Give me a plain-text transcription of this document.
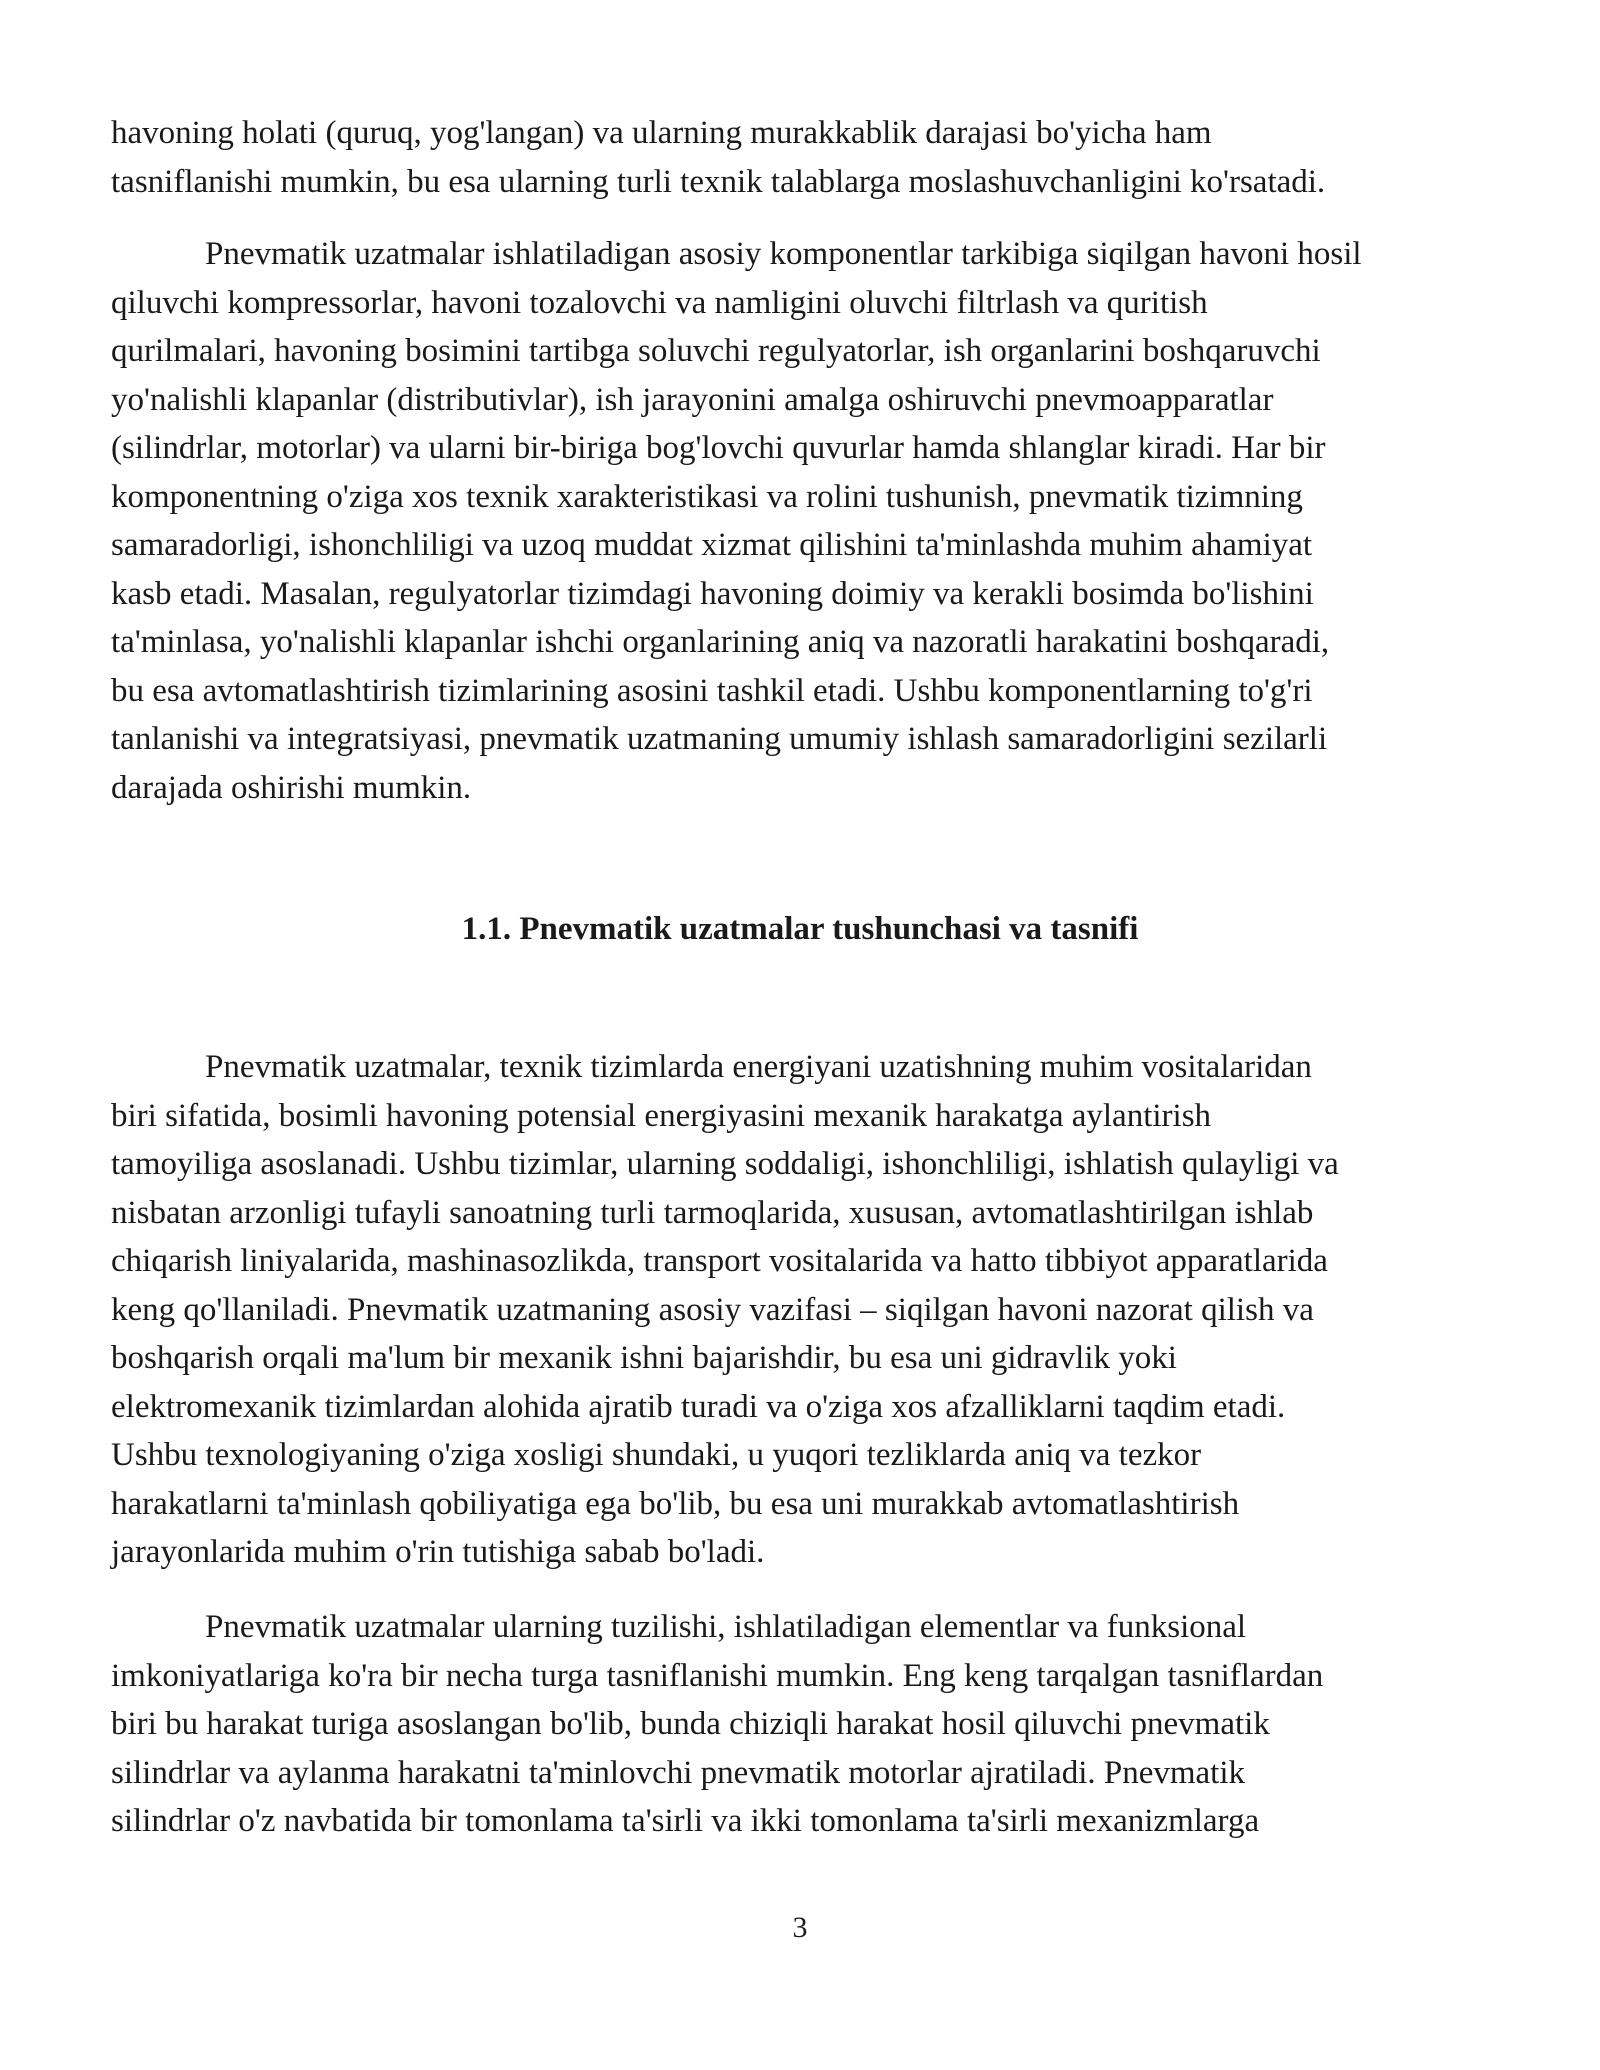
havoning holati (quruq, yog'langan) va ularning murakkablik darajasi bo'yicha ham
tasniflanishi mumkin, bu esa ularning turli texnik talablarga moslashuvchanligini ko'rsatadi.
Pnevmatik uzatmalar ishlatiladigan asosiy komponentlar tarkibiga siqilgan havoni hosil
qiluvchi kompressorlar, havoni tozalovchi va namligini oluvchi filtrlash va quritish
qurilmalari, havoning bosimini tartibga soluvchi regulyatorlar, ish organlarini boshqaruvchi
yo'nalishli klapanlar (distributivlar), ish jarayonini amalga oshiruvchi pnevmoapparatlar
(silindrlar, motorlar) va ularni bir-biriga bog'lovchi quvurlar hamda shlanglar kiradi. Har bir
komponentning o'ziga xos texnik xarakteristikasi va rolini tushunish, pnevmatik tizimning
samaradorligi, ishonchliligi va uzoq muddat xizmat qilishini ta'minlashda muhim ahamiyat
kasb etadi. Masalan, regulyatorlar tizimdagi havoning doimiy va kerakli bosimda bo'lishini
ta'minlasa, yo'nalishli klapanlar ishchi organlarining aniq va nazoratli harakatini boshqaradi,
bu esa avtomatlashtirish tizimlarining asosini tashkil etadi. Ushbu komponentlarning to'g'ri
tanlanishi va integratsiyasi, pnevmatik uzatmaning umumiy ishlash samaradorligini sezilarli
darajada oshirishi mumkin.
1.1. Pnevmatik uzatmalar tushunchasi va tasnifi
Pnevmatik uzatmalar, texnik tizimlarda energiyani uzatishning muhim vositalaridan
biri sifatida, bosimli havoning potensial energiyasini mexanik harakatga aylantirish
tamoyiliga asoslanadi. Ushbu tizimlar, ularning soddaligi, ishonchliligi, ishlatish qulayligi va
nisbatan arzonligi tufayli sanoatning turli tarmoqlarida, xususan, avtomatlashtirilgan ishlab
chiqarish liniyalarida, mashinasozlikda, transport vositalarida va hatto tibbiyot apparatlarida
keng qo'llaniladi. Pnevmatik uzatmaning asosiy vazifasi – siqilgan havoni nazorat qilish va
boshqarish orqali ma'lum bir mexanik ishni bajarishdir, bu esa uni gidravlik yoki
elektromexanik tizimlardan alohida ajratib turadi va o'ziga xos afzalliklarni taqdim etadi.
Ushbu texnologiyaning o'ziga xosligi shundaki, u yuqori tezliklarda aniq va tezkor
harakatlarni ta'minlash qobiliyatiga ega bo'lib, bu esa uni murakkab avtomatlashtirish
jarayonlarida muhim o'rin tutishiga sabab bo'ladi.
Pnevmatik uzatmalar ularning tuzilishi, ishlatiladigan elementlar va funksional
imkoniyatlariga ko'ra bir necha turga tasniflanishi mumkin. Eng keng tarqalgan tasniflardan
biri bu harakat turiga asoslangan bo'lib, bunda chiziqli harakat hosil qiluvchi pnevmatik
silindrlar va aylanma harakatni ta'minlovchi pnevmatik motorlar ajratiladi. Pnevmatik
silindrlar o'z navbatida bir tomonlama ta'sirli va ikki tomonlama ta'sirli mexanizmlarga
3
